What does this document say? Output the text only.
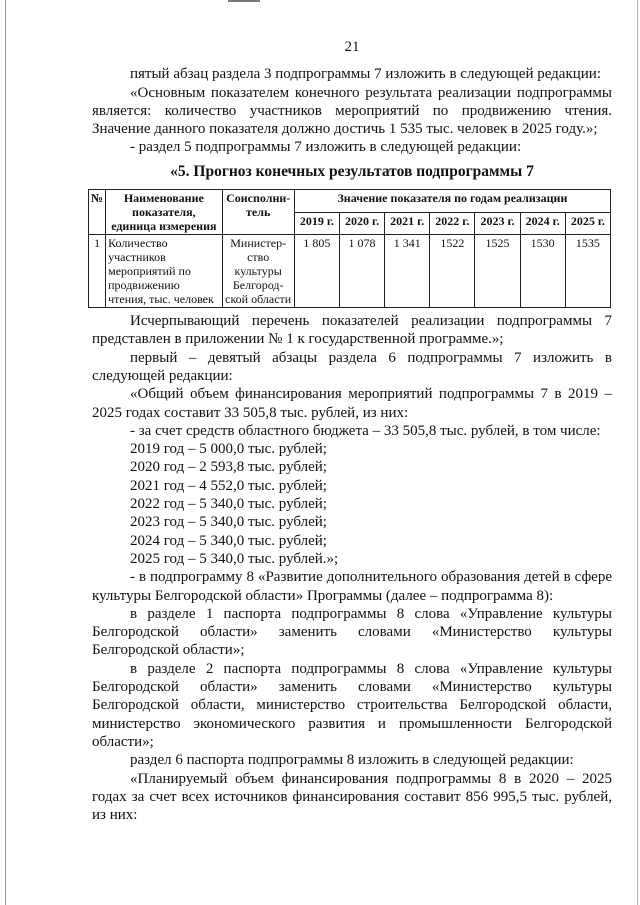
21

пятый абзац раздела 3 подпрограммы 7 изложить в следующей редакции:

«Основным показателем конечного результата реализации подпрограммы является: количество участников мероприятий по продвижению чтения. Значение данного показателя должно достичь 1 535 тыс. человек в 2025 году.»;

- раздел 5 подпрограммы 7 изложить в следующей редакции:

«5. Прогноз конечных результатов подпрограммы 7
№	Наименование показателя, единица измерения	Соисполни-тель	Значение показателя по годам реализации						
			2019 г.	2020 г.	2021 г.	2022 г.	2023 г.	2024 г.	2025 г.
1	Количество участников мероприятий по продвижению чтения, тыс. человек	Министер-ство культуры Белгород-ской области	1 805	1 078	1 341	1522	1525	1530	1535

Исчерпывающий перечень показателей реализации подпрограммы 7 представлен в приложении № 1 к государственной программе.»;

первый – девятый абзацы раздела 6 подпрограммы 7 изложить в следующей редакции:

«Общий объем финансирования мероприятий подпрограммы 7 в 2019 – 2025 годах составит 33 505,8 тыс. рублей, из них:

- за счет средств областного бюджета – 33 505,8 тыс. рублей, в том числе:

2019 год – 5 000,0 тыс. рублей;

2020 год – 2 593,8 тыс. рублей;

2021 год – 4 552,0 тыс. рублей;

2022 год – 5 340,0 тыс. рублей;

2023 год – 5 340,0 тыс. рублей;

2024 год – 5 340,0 тыс. рублей;

2025 год – 5 340,0 тыс. рублей.»;

- в подпрограмму 8 «Развитие дополнительного образования детей в сфере культуры Белгородской области» Программы (далее – подпрограмма 8):

в разделе 1 паспорта подпрограммы 8 слова «Управление культуры Белгородской области» заменить словами «Министерство культуры Белгородской области»;

в разделе 2 паспорта подпрограммы 8 слова «Управление культуры Белгородской области» заменить словами «Министерство культуры Белгородской области, министерство строительства Белгородской области, министерство экономического развития и промышленности Белгородской области»;

раздел 6 паспорта подпрограммы 8 изложить в следующей редакции:

«Планируемый объем финансирования подпрограммы 8 в 2020 – 2025 годах за счет всех источников финансирования составит 856 995,5 тыс. рублей, из них:
